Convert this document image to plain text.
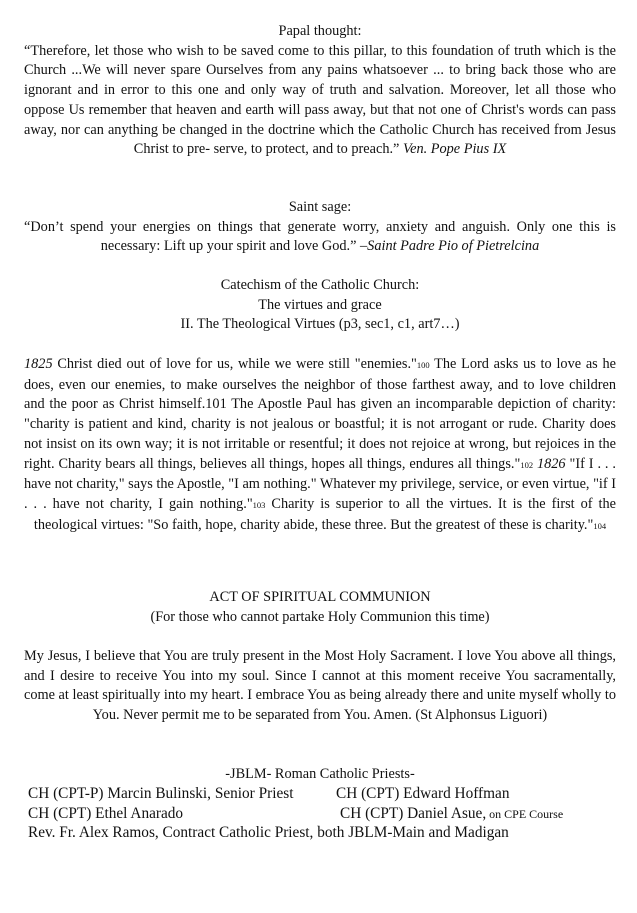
Papal thought:

“Therefore, let those who wish to be saved come to this pillar, to this foundation of truth which is the Church ...We will never spare Ourselves from any pains whatsoever ... to bring back those who are ignorant and in error to this one and only way of truth and salvation. Moreover, let all those who oppose Us remember that heaven and earth will pass away, but that not one of Christ's words can pass away, nor can anything be changed in the doctrine which the Catholic Church has received from Jesus Christ to pre- serve, to protect, and to preach.” Ven. Pope Pius IX

Saint sage:

“Don’t spend your energies on things that generate worry, anxiety and anguish. Only one this is necessary: Lift up your spirit and love God.” –Saint Padre Pio of Pietrelcina

Catechism of the Catholic Church:
The virtues and grace
II. The Theological Virtues (p3, sec1, c1, art7…)

1825 Christ died out of love for us, while we were still "enemies."100 The Lord asks us to love as he does, even our enemies, to make ourselves the neighbor of those farthest away, and to love children and the poor as Christ himself.101 The Apostle Paul has given an incomparable depiction of charity: "charity is patient and kind, charity is not jealous or boastful; it is not arrogant or rude. Charity does not insist on its own way; it is not irritable or resentful; it does not rejoice at wrong, but rejoices in the right. Charity bears all things, believes all things, hopes all things, endures all things."102 1826 "If I . . . have not charity," says the Apostle, "I am nothing." Whatever my privilege, service, or even virtue, "if I . . . have not charity, I gain nothing."103 Charity is superior to all the virtues. It is the first of the theological virtues: "So faith, hope, charity abide, these three. But the greatest of these is charity."104

ACT OF SPIRITUAL COMMUNION
(For those who cannot partake Holy Communion this time)

My Jesus, I believe that You are truly present in the Most Holy Sacrament. I love You above all things, and I desire to receive You into my soul. Since I cannot at this moment receive You sacramentally, come at least spiritually into my heart. I embrace You as being already there and unite myself wholly to You. Never permit me to be separated from You. Amen. (St Alphonsus Liguori)

-JBLM- Roman Catholic Priests-
CH (CPT-P) Marcin Bulinski, Senior Priest	CH (CPT) Edward Hoffman
CH (CPT) Ethel Anarado	CH (CPT) Daniel Asue, on CPE Course
Rev. Fr. Alex Ramos, Contract Catholic Priest, both JBLM-Main and Madigan
